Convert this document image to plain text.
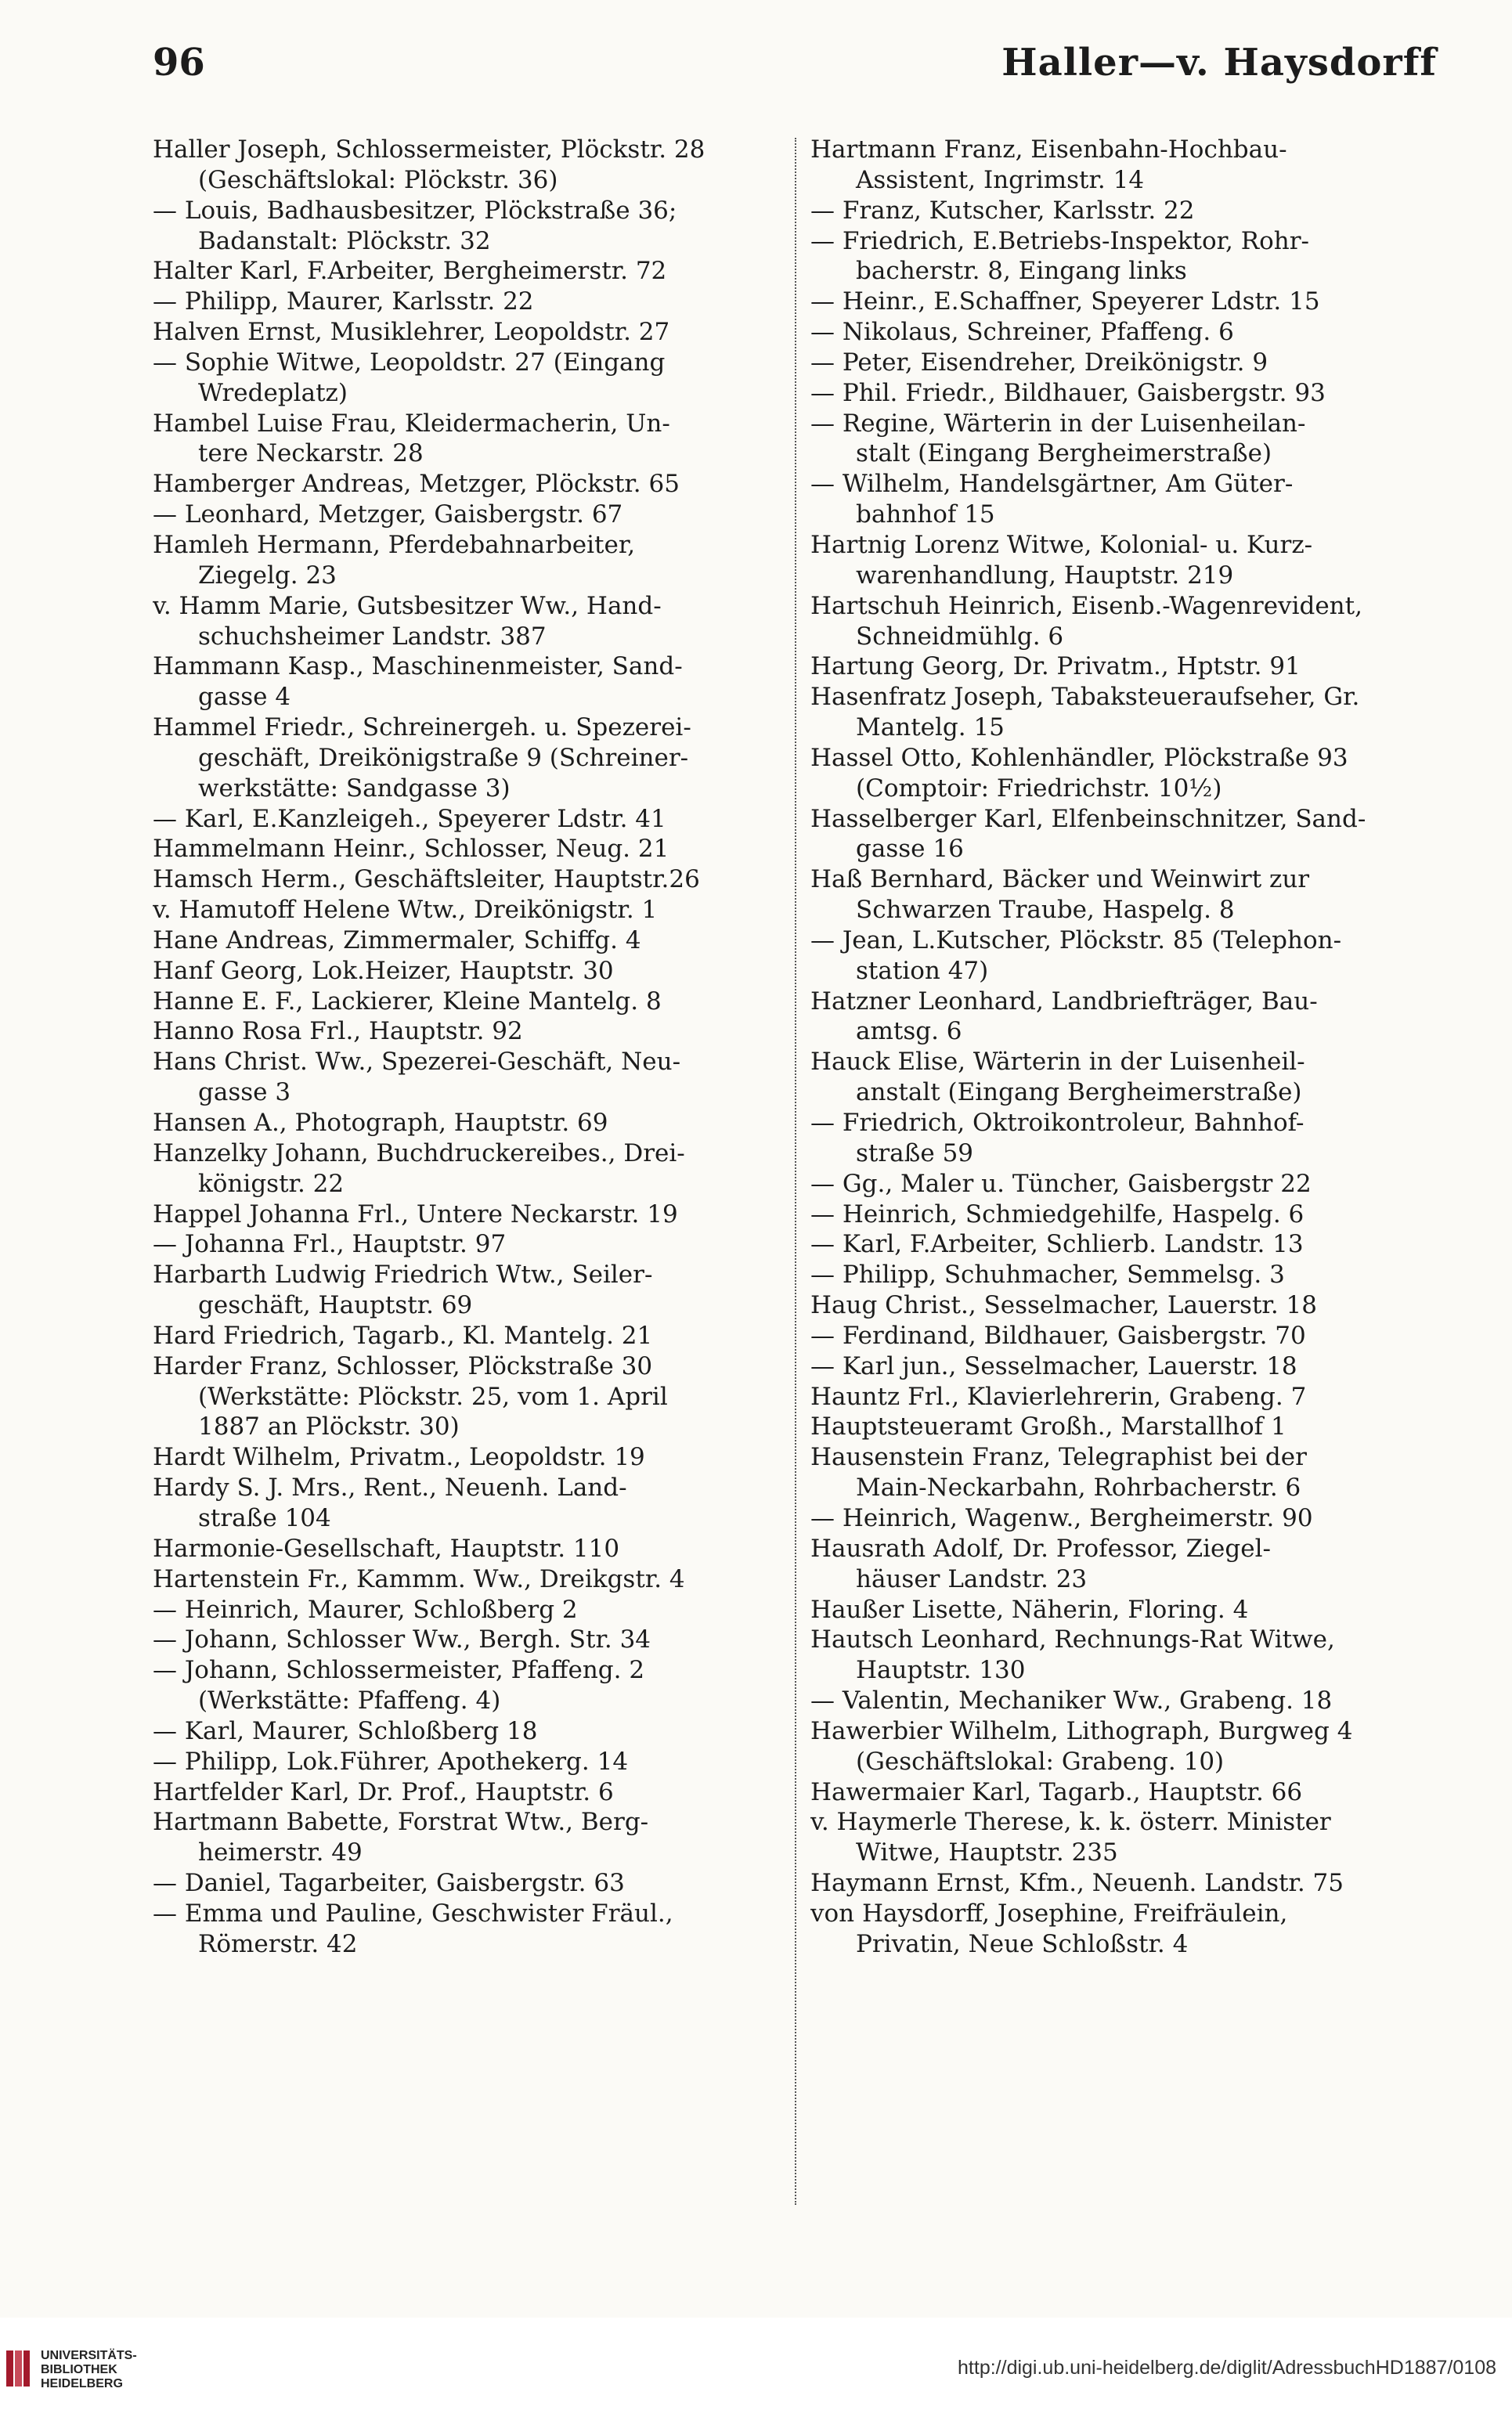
96	Haller—v. Haysdorff
Haller Joseph, Schlossermeister, Plöckstr. 28
(Geschäftslokal: Plöckstr. 36)
— Louis, Badhausbesitzer, Plöckstraße 36;
Badanstalt: Plöckstr. 32
Halter Karl, F.Arbeiter, Bergheimerstr. 72
— Philipp, Maurer, Karlsstr. 22
Halven Ernst, Musiklehrer, Leopoldstr. 27
— Sophie Witwe, Leopoldstr. 27 (Eingang
Wredeplatz)
Hambel Luise Frau, Kleidermacherin, Un-
tere Neckarstr. 28
Hamberger Andreas, Metzger, Plöckstr. 65
— Leonhard, Metzger, Gaisbergstr. 67
Hamleh Hermann, Pferdebahnarbeiter,
Ziegelg. 23
v. Hamm Marie, Gutsbesitzer Ww., Hand-
schuchsheimer Landstr. 387
Hammann Kasp., Maschinenmeister, Sand-
gasse 4
Hammel Friedr., Schreinergeh. u. Spezerei-
geschäft, Dreikönigstraße 9 (Schreiner-
werkstätte: Sandgasse 3)
— Karl, E.Kanzleigeh., Speyerer Ldstr. 41
Hammelmann Heinr., Schlosser, Neug. 21
Hamsch Herm., Geschäftsleiter, Hauptstr.26
v. Hamutoff Helene Wtw., Dreikönigstr. 1
Hane Andreas, Zimmermaler, Schiffg. 4
Hanf Georg, Lok.Heizer, Hauptstr. 30
Hanne E. F., Lackierer, Kleine Mantelg. 8
Hanno Rosa Frl., Hauptstr. 92
Hans Christ. Ww., Spezerei-Geschäft, Neu-
gasse 3
Hansen A., Photograph, Hauptstr. 69
Hanzelky Johann, Buchdruckereibes., Drei-
königstr. 22
Happel Johanna Frl., Untere Neckarstr. 19
— Johanna Frl., Hauptstr. 97
Harbarth Ludwig Friedrich Wtw., Seiler-
geschäft, Hauptstr. 69
Hard Friedrich, Tagarb., Kl. Mantelg. 21
Harder Franz, Schlosser, Plöckstraße 30
(Werkstätte: Plöckstr. 25, vom 1. April
1887 an Plöckstr. 30)
Hardt Wilhelm, Privatm., Leopoldstr. 19
Hardy S. J. Mrs., Rent., Neuenh. Land-
straße 104
Harmonie-Gesellschaft, Hauptstr. 110
Hartenstein Fr., Kammm. Ww., Dreikgstr. 4
— Heinrich, Maurer, Schloßberg 2
— Johann, Schlosser Ww., Bergh. Str. 34
— Johann, Schlossermeister, Pfaffeng. 2
(Werkstätte: Pfaffeng. 4)
— Karl, Maurer, Schloßberg 18
— Philipp, Lok.Führer, Apothekerg. 14
Hartfelder Karl, Dr. Prof., Hauptstr. 6
Hartmann Babette, Forstrat Wtw., Berg-
heimerstr. 49
— Daniel, Tagarbeiter, Gaisbergstr. 63
— Emma und Pauline, Geschwister Fräul.,
Römerstr. 42
Hartmann Franz, Eisenbahn-Hochbau-
Assistent, Ingrimstr. 14
— Franz, Kutscher, Karlsstr. 22
— Friedrich, E.Betriebs-Inspektor, Rohr-
bacherstr. 8, Eingang links
— Heinr., E.Schaffner, Speyerer Ldstr. 15
— Nikolaus, Schreiner, Pfaffeng. 6
— Peter, Eisendreher, Dreikönigstr. 9
— Phil. Friedr., Bildhauer, Gaisbergstr. 93
— Regine, Wärterin in der Luisenheilan-
stalt (Eingang Bergheimerstraße)
— Wilhelm, Handelsgärtner, Am Güter-
bahnhof 15
Hartnig Lorenz Witwe, Kolonial- u. Kurz-
warenhandlung, Hauptstr. 219
Hartschuh Heinrich, Eisenb.-Wagenrevident,
Schneidmühlg. 6
Hartung Georg, Dr. Privatm., Hptstr. 91
Hasenfratz Joseph, Tabaksteueraufseher, Gr.
Mantelg. 15
Hassel Otto, Kohlenhändler, Plöckstraße 93
(Comptoir: Friedrichstr. 10½)
Hasselberger Karl, Elfenbeinschnitzer, Sand-
gasse 16
Haß Bernhard, Bäcker und Weinwirt zur
Schwarzen Traube, Haspelg. 8
— Jean, L.Kutscher, Plöckstr. 85 (Telephon-
station 47)
Hatzner Leonhard, Landbriefträger, Bau-
amtsg. 6
Hauck Elise, Wärterin in der Luisenheil-
anstalt (Eingang Bergheimerstraße)
— Friedrich, Oktroikontroleur, Bahnhof-
straße 59
— Gg., Maler u. Tüncher, Gaisbergstr 22
— Heinrich, Schmiedgehilfe, Haspelg. 6
— Karl, F.Arbeiter, Schlierb. Landstr. 13
— Philipp, Schuhmacher, Semmelsg. 3
Haug Christ., Sesselmacher, Lauerstr. 18
— Ferdinand, Bildhauer, Gaisbergstr. 70
— Karl jun., Sesselmacher, Lauerstr. 18
Hauntz Frl., Klavierlehrerin, Grabeng. 7
Hauptsteueramt Großh., Marstallhof 1
Hausenstein Franz, Telegraphist bei der
Main-Neckarbahn, Rohrbacherstr. 6
— Heinrich, Wagenw., Bergheimerstr. 90
Hausrath Adolf, Dr. Professor, Ziegel-
häuser Landstr. 23
Haußer Lisette, Näherin, Floring. 4
Hautsch Leonhard, Rechnungs-Rat Witwe,
Hauptstr. 130
— Valentin, Mechaniker Ww., Grabeng. 18
Hawerbier Wilhelm, Lithograph, Burgweg 4
(Geschäftslokal: Grabeng. 10)
Hawermaier Karl, Tagarb., Hauptstr. 66
v. Haymerle Therese, k. k. österr. Minister
Witwe, Hauptstr. 235
Haymann Ernst, Kfm., Neuenh. Landstr. 75
von Haysdorff, Josephine, Freifräulein,
Privatin, Neue Schloßstr. 4
UNIVERSITÄTS-
BIBLIOTHEK
HEIDELBERG
http://digi.ub.uni-heidelberg.de/diglit/AdressbuchHD1887/0108
